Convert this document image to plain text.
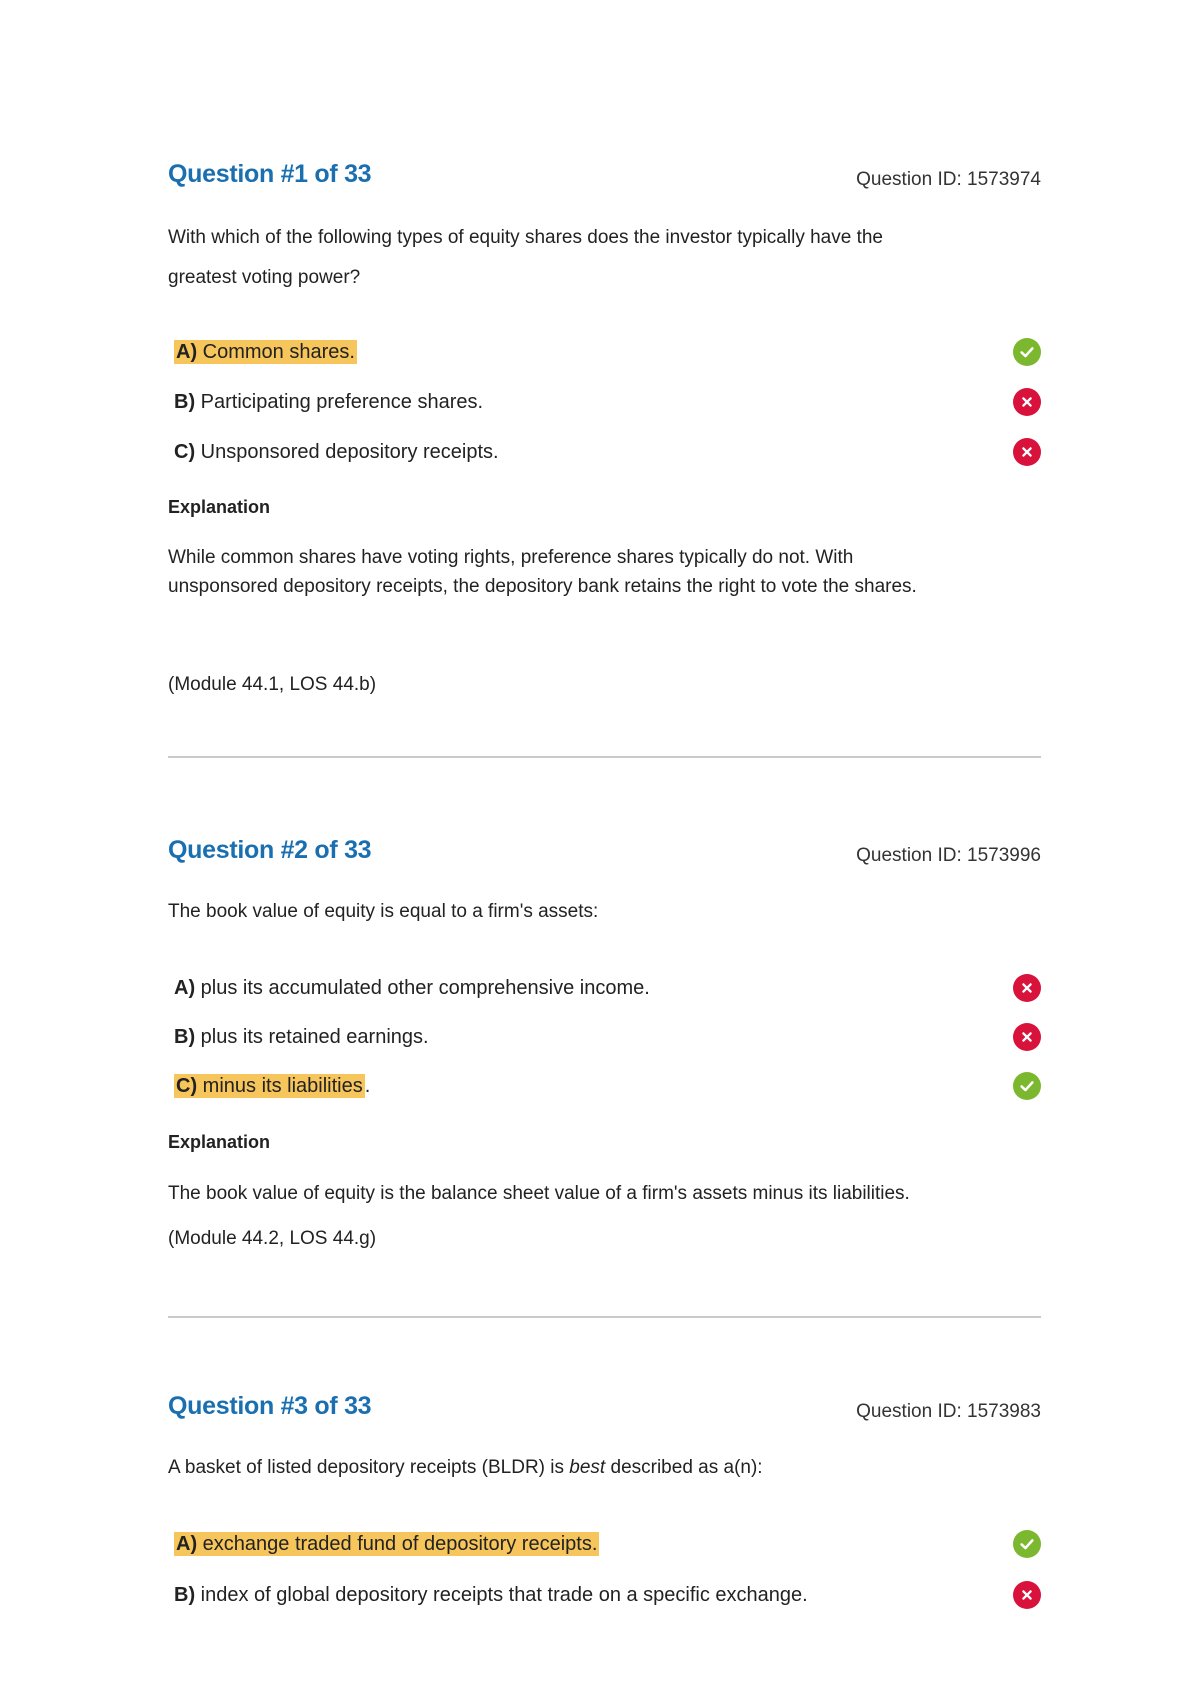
Question #1 of 33	Question ID: 1573974
With which of the following types of equity shares does the investor typically have the
greatest voting power?
A) Common shares.
B) Participating preference shares.
C) Unsponsored depository receipts.
Explanation
While common shares have voting rights, preference shares typically do not. With
unsponsored depository receipts, the depository bank retains the right to vote the shares.
(Module 44.1, LOS 44.b)
Question #2 of 33	Question ID: 1573996
The book value of equity is equal to a firm's assets:
A) plus its accumulated other comprehensive income.
B) plus its retained earnings.
C) minus its liabilities .
Explanation
The book value of equity is the balance sheet value of a firm's assets minus its liabilities.
(Module 44.2, LOS 44.g)
Question #3 of 33	Question ID: 1573983
A basket of listed depository receipts (BLDR) is best described as a(n):
A) exchange traded fund of depository receipts.
B) index of global depository receipts that trade on a specific exchange.
